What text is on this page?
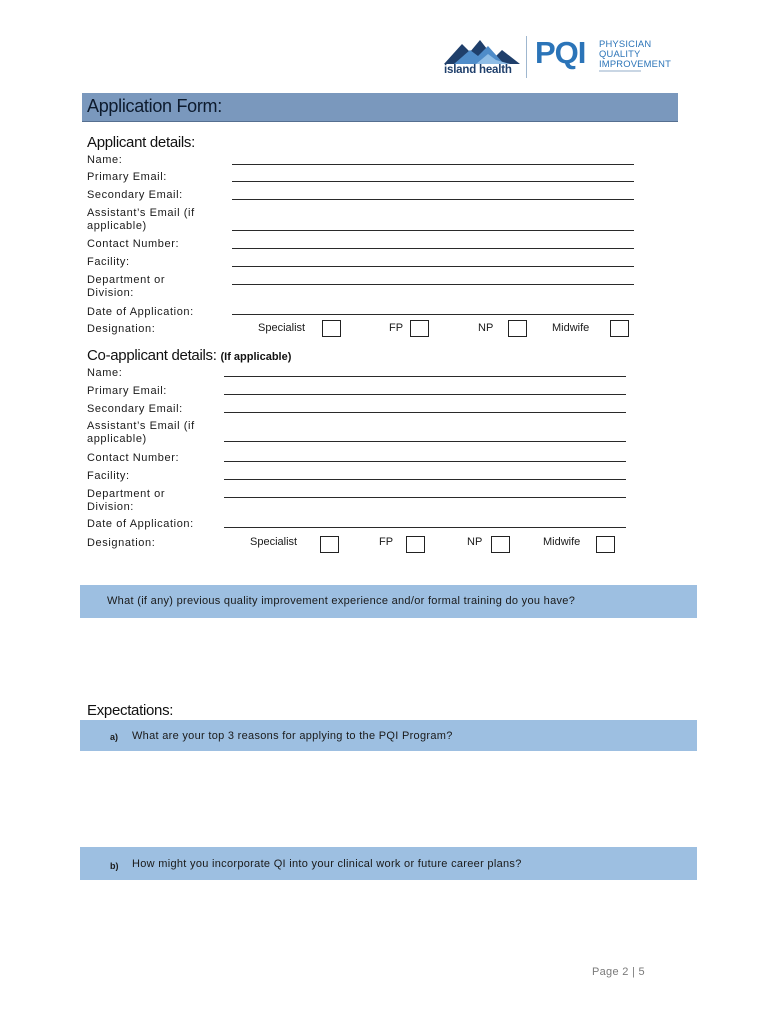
island health PQI PHYSICIAN
QUALITY
IMPROVEMENT
Application Form:
Applicant details:
Name:
Primary Email:
Secondary Email:
Assistant’s Email (if
applicable)
Contact Number:
Facility:
Department or
Division:
Date of Application:
Designation:	Specialist	FP	NP	Midwife
Co-applicant details: (If applicable)
Name:
Primary Email:
Secondary Email:
Assistant’s Email (if
applicable)
Contact Number:
Facility:
Department or
Division:
Date of Application:
Designation:	Specialist	FP	NP	Midwife
What (if any) previous quality improvement experience and/or formal training do you have?
Expectations:
a) What are your top 3 reasons for applying to the PQI Program?
b) How might you incorporate QI into your clinical work or future career plans?
Page 2 | 5
